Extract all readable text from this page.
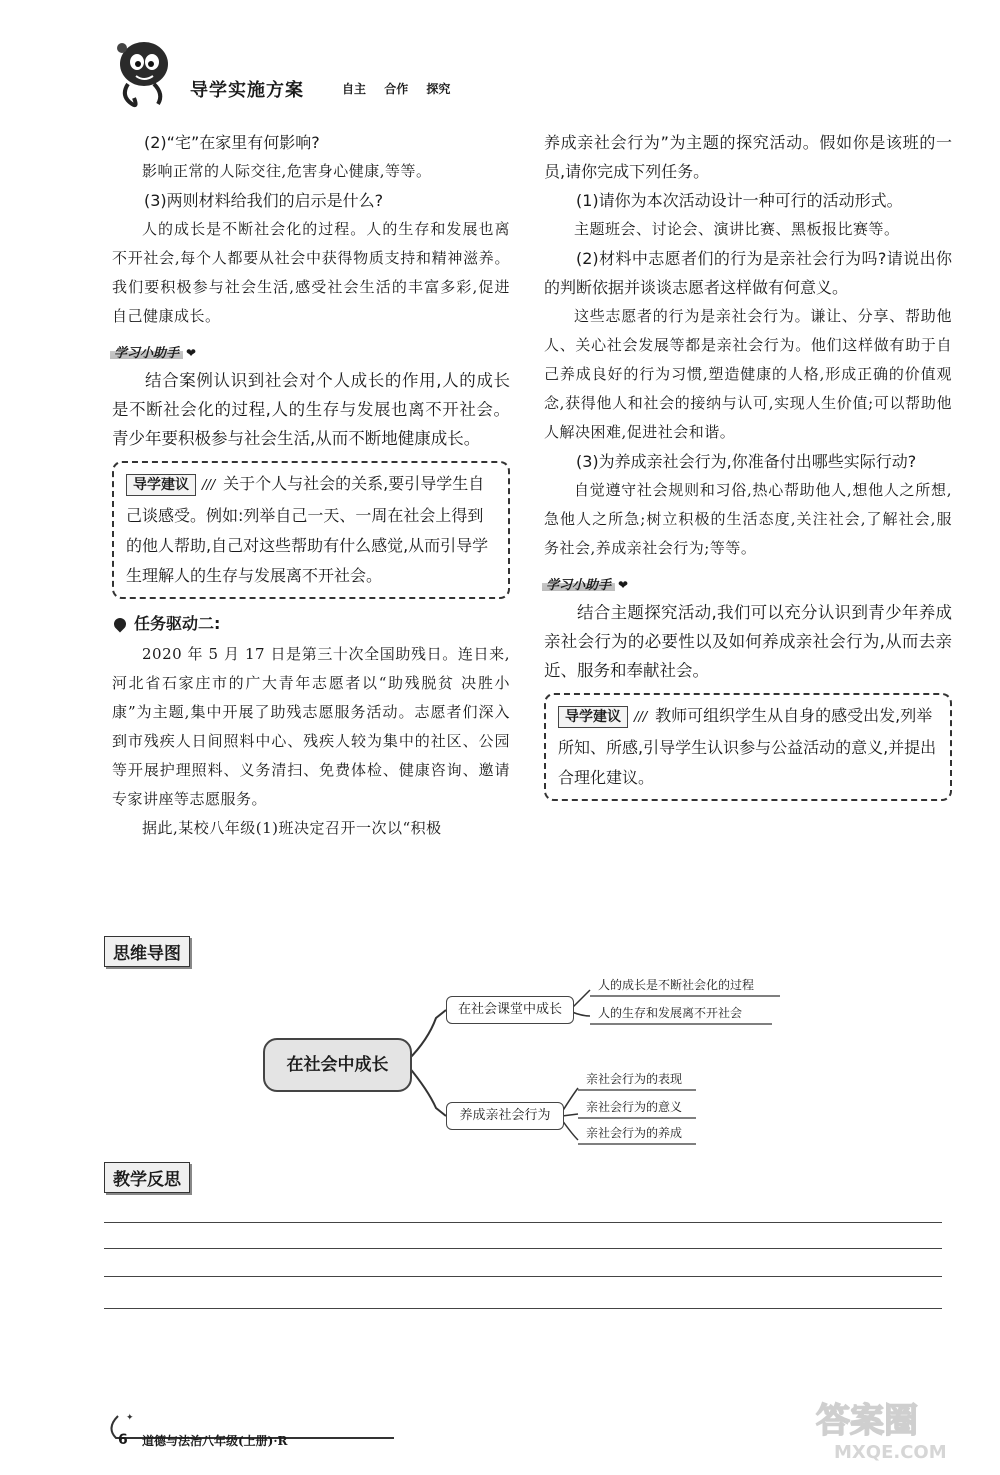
导学实施方案	自主 合作 探究

(2)“宅”在家里有何影响?

影响正常的人际交往,危害身心健康,等等。

(3)两则材料给我们的启示是什么?

人的成长是不断社会化的过程。人的生存和发展也离不开社会,每个人都要从社会中获得物质支持和精神滋养。我们要积极参与社会生活,感受社会生活的丰富多彩,促进自己健康成长。

学习小助手 ❤

结合案例认识到社会对个人成长的作用,人的成长是不断社会化的过程,人的生存与发展也离不开社会。青少年要积极参与社会生活,从而不断地健康成长。

导学建议 /// 关于个人与社会的关系,要引导学生自己谈感受。例如:列举自己一天、一周在社会上得到的他人帮助,自己对这些帮助有什么感觉,从而引导学生理解人的生存与发展离不开社会。
任务驱动二:

2020 年 5 月 17 日是第三十次全国助残日。连日来,河北省石家庄市的广大青年志愿者以“助残脱贫 决胜小康”为主题,集中开展了助残志愿服务活动。志愿者们深入到市残疾人日间照料中心、残疾人较为集中的社区、公园等开展护理照料、义务清扫、免费体检、健康咨询、邀请专家讲座等志愿服务。

据此,某校八年级(1)班决定召开一次以“积极

养成亲社会行为”为主题的探究活动。假如你是该班的一员,请你完成下列任务。

(1)请你为本次活动设计一种可行的活动形式。

主题班会、讨论会、演讲比赛、黑板报比赛等。

(2)材料中志愿者们的行为是亲社会行为吗?请说出你的判断依据并谈谈志愿者这样做有何意义。

这些志愿者的行为是亲社会行为。谦让、分享、帮助他人、关心社会发展等都是亲社会行为。他们这样做有助于自己养成良好的行为习惯,塑造健康的人格,形成正确的价值观念,获得他人和社会的接纳与认可,实现人生价值;可以帮助他人解决困难,促进社会和谐。

(3)为养成亲社会行为,你准备付出哪些实际行动?

自觉遵守社会规则和习俗,热心帮助他人,想他人之所想,急他人之所急;树立积极的生活态度,关注社会,了解社会,服务社会,养成亲社会行为;等等。

学习小助手 ❤

结合主题探究活动,我们可以充分认识到青少年养成亲社会行为的必要性以及如何养成亲社会行为,从而去亲近、服务和奉献社会。

导学建议 /// 教师可组织学生从自身的感受出发,列举所知、所感,引导学生认识参与公益活动的意义,并提出合理化建议。
思维导图
在社会中成长
在社会课堂中成长
养成亲社会行为
人的成长是不断社会化的过程
人的生存和发展离不开社会
亲社会行为的表现
亲社会行为的意义
亲社会行为的养成
教学反思
✦
6 道德与法治八年级(上册)·R	答案圈
MXQE.COM
